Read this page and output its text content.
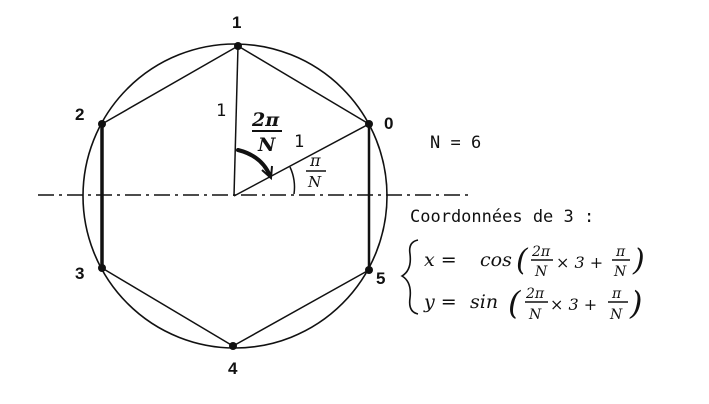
1
2
3
4
5
0
1
1
2π
N
π
N
N = 6
Coordonnées de 3 :
x = cos ( 2π
N × 3 +
π
N )
y = sin ( 2π
N
× 3 +
π
N )
